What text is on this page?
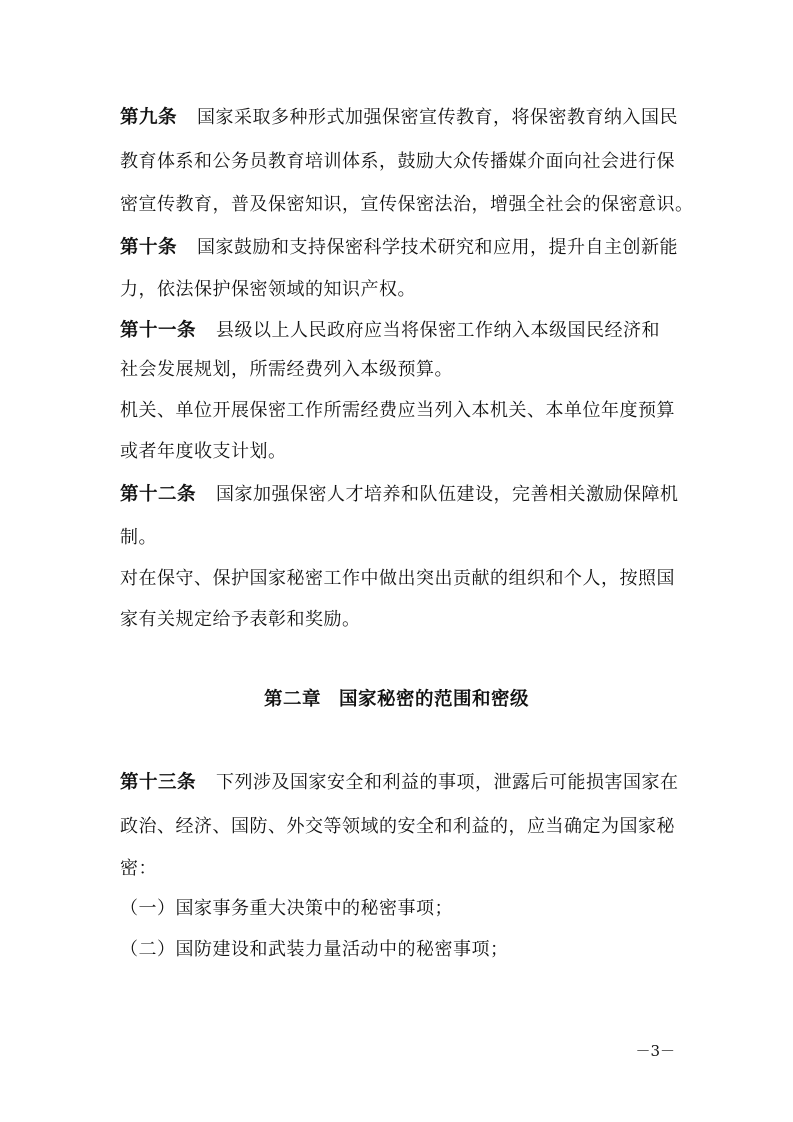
第九条 国家采取多种形式加强保密宣传教育，将保密教育纳入国民
教育体系和公务员教育培训体系，鼓励大众传播媒介面向社会进行保
密宣传教育，普及保密知识，宣传保密法治，增强全社会的保密意识。
第十条 国家鼓励和支持保密科学技术研究和应用，提升自主创新能
力，依法保护保密领域的知识产权。
第十一条 县级以上人民政府应当将保密工作纳入本级国民经济和
社会发展规划，所需经费列入本级预算。
机关、单位开展保密工作所需经费应当列入本机关、本单位年度预算
或者年度收支计划。
第十二条 国家加强保密人才培养和队伍建设，完善相关激励保障机
制。
对在保守、保护国家秘密工作中做出突出贡献的组织和个人，按照国
家有关规定给予表彰和奖励。
第二章 国家秘密的范围和密级
第十三条 下列涉及国家安全和利益的事项，泄露后可能损害国家在
政治、经济、国防、外交等领域的安全和利益的，应当确定为国家秘
密：
（一）国家事务重大决策中的秘密事项；
（二）国防建设和武装力量活动中的秘密事项；
－3－
